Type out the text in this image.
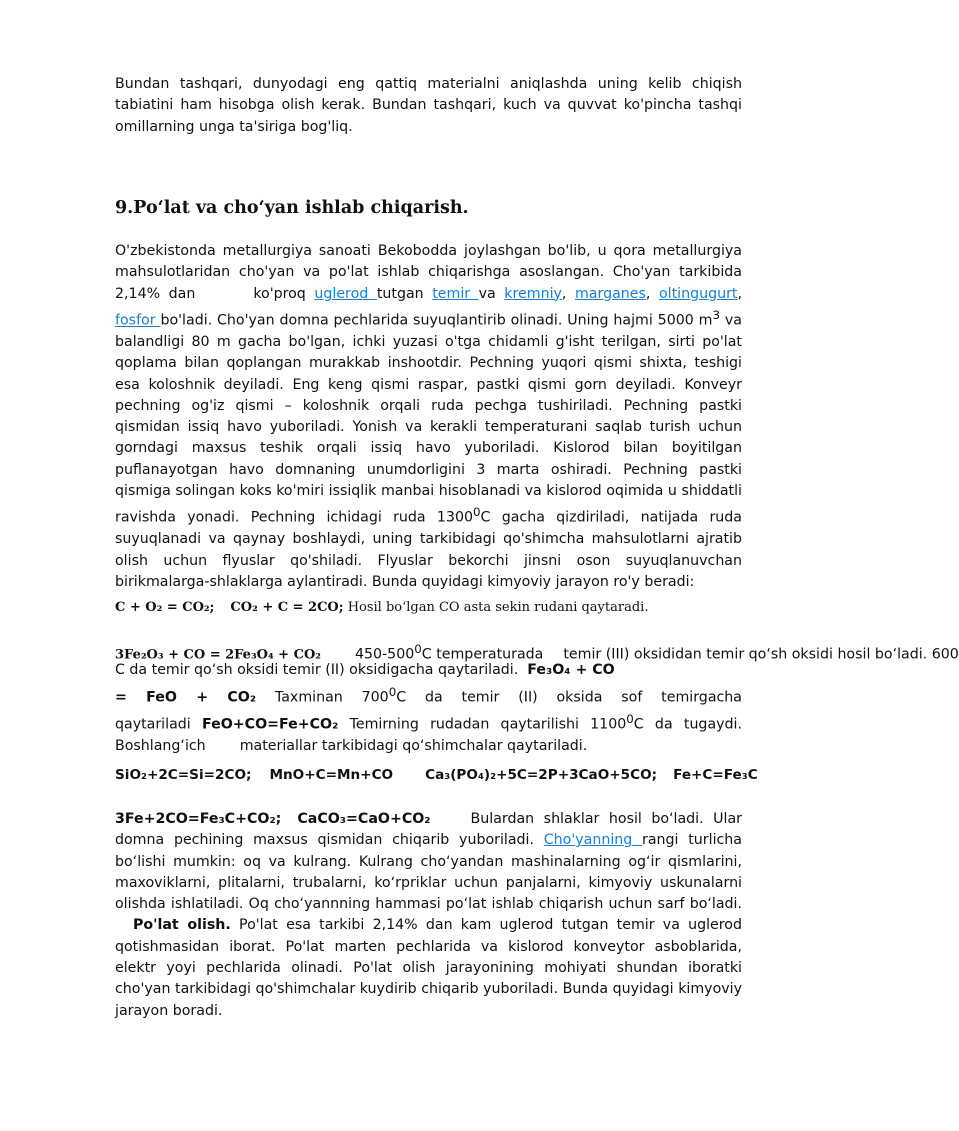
Bundan tashqari, dunyodagi eng qattiq materialni aniqlashda uning kelib chiqish tabiatini ham hisobga olish kerak. Bundan tashqari, kuch va quvvat ko'pincha tashqi omillarning unga ta'siriga bog'liq.

9.Po‘lat va cho‘yan ishlab chiqarish.

O'zbekistonda metallurgiya sanoati Bekobodda joylashgan bo'lib, u qora metallurgiya mahsulotlaridan cho'yan va po'lat ishlab chiqarishga asoslangan. Cho'yan tarkibida 2,14% dan	ko'proq uglerod tutgan temir va kremniy, marganes, oltingugurt, fosfor bo'ladi. Cho'yan domna pechlarida suyuqlantirib olinadi. Uning hajmi 5000 $m^3$ va balandligi 80 m gacha bo'lgan, ichki yuzasi o'tga chidamli g'isht terilgan, sirti po'lat qoplama bilan qoplangan murakkab inshootdir. Pechning yuqori qismi shixta, teshigi esa koloshnik deyiladi. Eng keng qismi raspar, pastki qismi gorn deyiladi. Konveyr pechning og'iz qismi – koloshnik orqali ruda pechga tushiriladi. Pechning pastki qismidan issiq havo yuboriladi. Yonish va kerakli temperaturani saqlab turish uchun gorndagi maxsus teshik orqali issiq havo yuboriladi. Kislorod bilan boyitilgan puflanayotgan havo domnaning unumdorligini 3 marta oshiradi. Pechning pastki qismiga solingan koks ko'miri issiqlik manbai hisoblanadi va kislorod oqimida u shiddatli ravishda yonadi. Pechning ichidagi ruda 1300$^0$C gacha qizdiriladi, natijada ruda suyuqlanadi va qaynay boshlaydi, uning tarkibidagi qo'shimcha mahsulotlarni ajratib olish uchun flyuslar qo'shiladi. Flyuslar bekorchi jinsni oson suyuqlanuvchan birikmalarga-shlaklarga aylantiradi. Bunda quyidagi kimyoviy jarayon ro'y beradi:

C + O₂ = CO₂; CO₂ + C = 2CO; Hosil bo‘lgan CO asta sekin rudani qaytaradi.

3Fe₂O₃ + CO = 2Fe₃O₄ + CO₂ $450-500^0C$ temperaturada temir (III) oksididan temir qo‘sh oksidi hosil bo‘ladi. 600
C da temir qo‘sh oksidi temir (II) oksidigacha qaytariladi. Fe₃O₄ + CO
= FeO + CO₂ Taxminan $700^0C$ da temir (II) oksida sof temirgacha
qaytariladi FeO+CO=Fe+CO₂ Temirning rudadan qaytarilishi 1100$^0$C da tugaydi.
Boshlang‘ich materiallar tarkibidagi qo‘shimchalar qaytariladi.

SiO₂+2C=Si=2CO; MnO+C=Mn+CO Ca₃(PO₄)₂+5C=2P+3CaO+5CO; Fe+C=Fe₃C

3Fe+2CO=Fe₃C+CO₂; CaCO₃=CaO+CO₂	Bulardan shlaklar hosil bo‘ladi. Ular domna pechining maxsus qismidan chiqarib yuboriladi. Cho'yanning rangi turlicha bo‘lishi mumkin: oq va kulrang. Kulrang cho‘yandan mashinalarning og‘ir qismlarini, maxoviklarni, plitalarni, trubalarni, ko‘rpriklar uchun panjalarni, kimyoviy uskunalarni olishda ishlatiladi. Oq cho‘yannning hammasi po‘lat ishlab chiqarish uchun sarf bo‘ladi.Po'lat olish. Po'lat esa tarkibi 2,14% dan kam uglerod tutgan temir va uglerod qotishmasidan iborat. Po'lat marten pechlarida va kislorod konveytor asboblarida, elektr yoyi pechlarida olinadi. Po'lat olish jarayonining mohiyati shundan iboratki cho'yan tarkibidagi qo'shimchalar kuydirib chiqarib yuboriladi. Bunda quyidagi kimyoviy jarayon boradi.
